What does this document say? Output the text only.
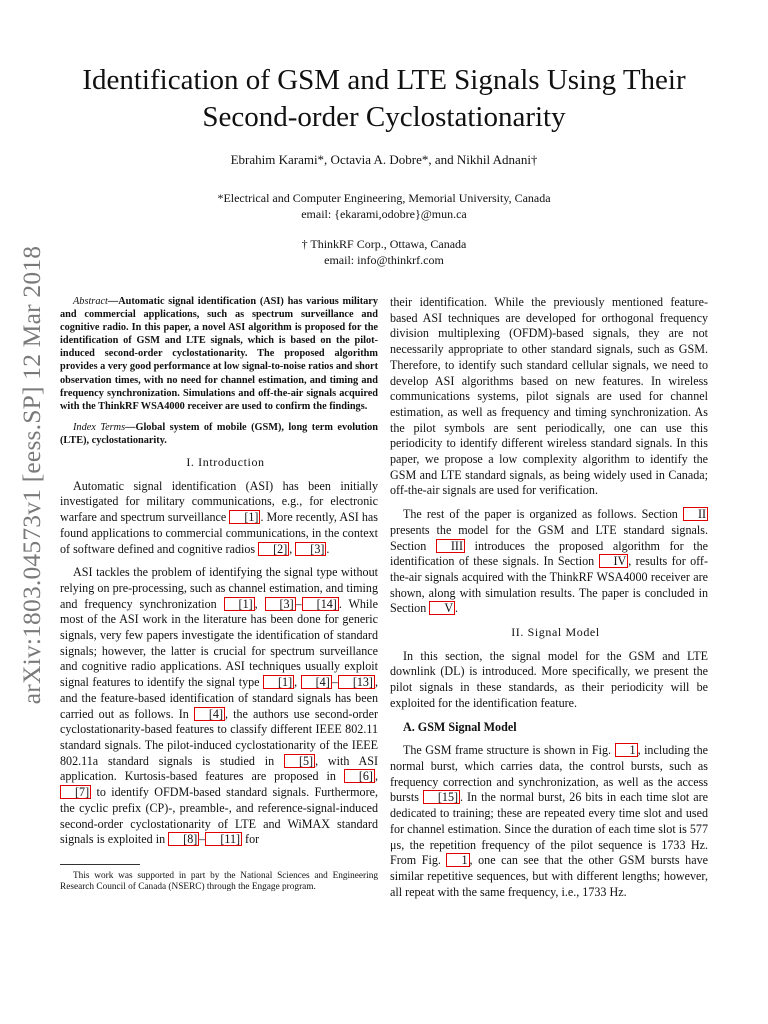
arXiv:1803.04573v1 [eess.SP] 12 Mar 2018
Identification of GSM and LTE Signals Using Their
Second-order Cyclostationarity
Ebrahim Karami*, Octavia A. Dobre*, and Nikhil Adnani†
*Electrical and Computer Engineering, Memorial University, Canada
email: {ekarami,odobre}@mun.ca
† ThinkRF Corp., Ottawa, Canada
email: info@thinkrf.com

Abstract—Automatic signal identification (ASI) has various military and commercial applications, such as spectrum surveillance and cognitive radio. In this paper, a novel ASI algorithm is proposed for the identification of GSM and LTE signals, which is based on the pilot-induced second-order cyclostationarity. The proposed algorithm provides a very good performance at low signal-to-noise ratios and short observation times, with no need for channel estimation, and timing and frequency synchronization. Simulations and off-the-air signals acquired with the ThinkRF WSA4000 receiver are used to confirm the findings.

Index Terms—Global system of mobile (GSM), long term evolution (LTE), cyclostationarity.

I. Introduction

Automatic signal identification (ASI) has been initially investigated for military communications, e.g., for electronic warfare and spectrum surveillance [1] . More recently, ASI has found applications to commercial communications, in the context of software defined and cognitive radios [2] , [3] .

ASI tackles the problem of identifying the signal type without relying on pre-processing, such as channel estimation, and timing and frequency synchronization [1] , [3] – [14] . While most of the ASI work in the literature has been done for generic signals, very few papers investigate the identification of standard signals; however, the latter is crucial for spectrum surveillance and cognitive radio applications. ASI techniques usually exploit signal features to identify the signal type [1] , [4] – [13] , and the feature-based identification of standard signals has been carried out as follows. In [4] , the authors use second-order cyclostationarity-based features to classify different IEEE 802.11 standard signals. The pilot-induced cyclostationarity of the IEEE 802.11a standard signals is studied in [5] , with ASI application. Kurtosis-based features are proposed in [6] , [7] to identify OFDM-based standard signals. Furthermore, the cyclic prefix (CP)-, preamble-, and reference-signal-induced second-order cyclostationarity of LTE and WiMAX standard signals is exploited in [8] – [11] for

This work was supported in part by the National Sciences and Engineering Research Council of Canada (NSERC) through the Engage program.

their identification. While the previously mentioned feature-based ASI techniques are developed for orthogonal frequency division multiplexing (OFDM)-based signals, they are not necessarily appropriate to other standard signals, such as GSM. Therefore, to identify such standard cellular signals, we need to develop ASI algorithms based on new features. In wireless communications systems, pilot signals are used for channel estimation, as well as frequency and timing synchronization. As the pilot symbols are sent periodically, one can use this periodicity to identify different wireless standard signals. In this paper, we propose a low complexity algorithm to identify the GSM and LTE standard signals, as being widely used in Canada; off-the-air signals are used for verification.

The rest of the paper is organized as follows. Section II presents the model for the GSM and LTE standard signals. Section III introduces the proposed algorithm for the identification of these signals. In Section IV , results for off-the-air signals acquired with the ThinkRF WSA4000 receiver are shown, along with simulation results. The paper is concluded in Section V .

II. Signal Model

In this section, the signal model for the GSM and LTE downlink (DL) is introduced. More specifically, we present the pilot signals in these standards, as their periodicity will be exploited for the identification feature.

A. GSM Signal Model

The GSM frame structure is shown in Fig. 1 , including the normal burst, which carries data, the control bursts, such as frequency correction and synchronization, as well as the access bursts [15] . In the normal burst, 26 bits in each time slot are dedicated to training; these are repeated every time slot and used for channel estimation. Since the duration of each time slot is 577 μs, the repetition frequency of the pilot sequence is 1733 Hz. From Fig. 1 , one can see that the other GSM bursts have similar repetitive sequences, but with different lengths; however, all repeat with the same frequency, i.e., 1733 Hz.
